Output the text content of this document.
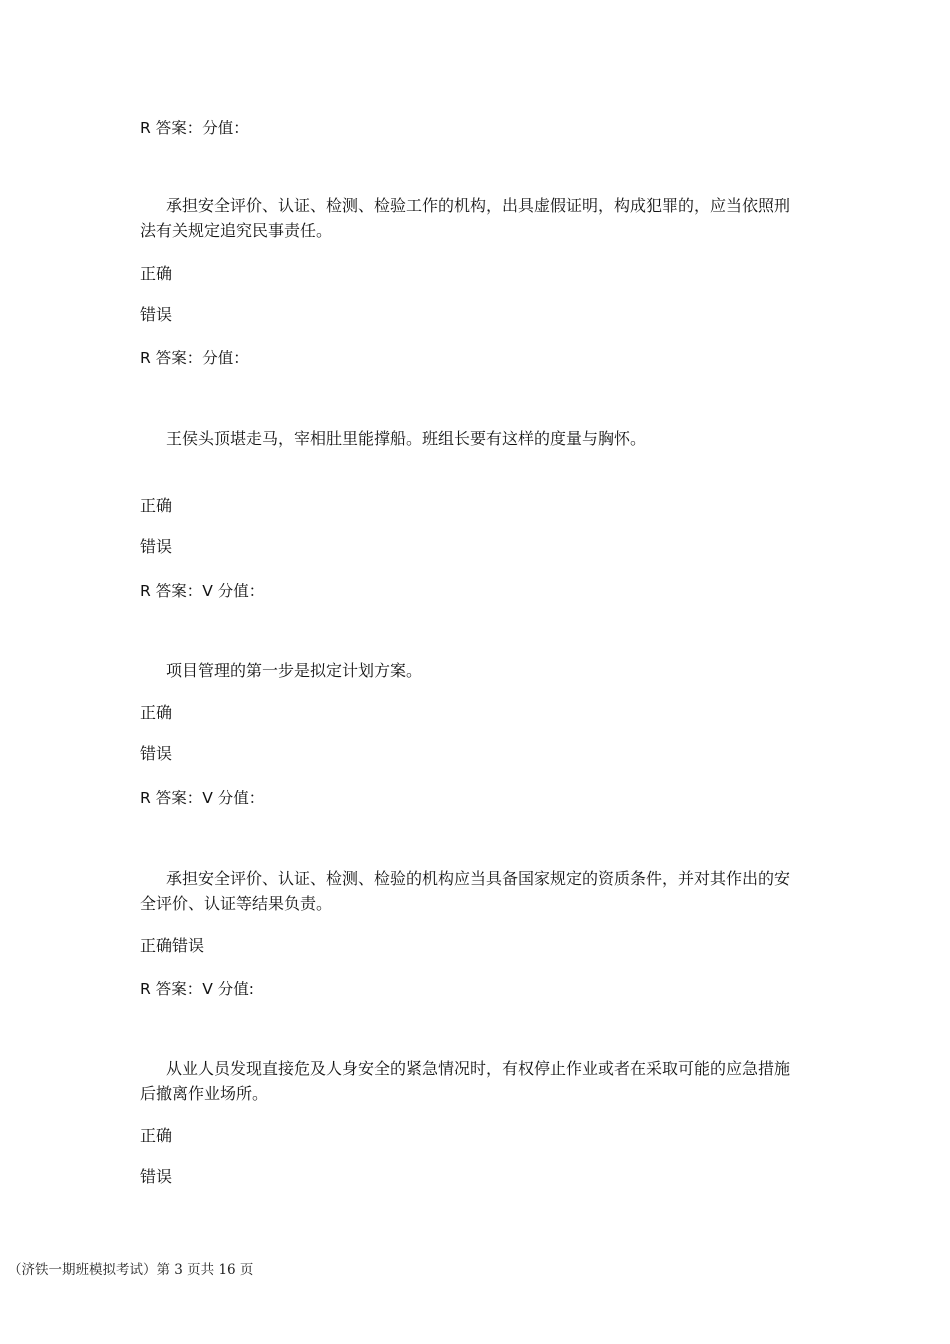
R 答案：分值：
承担安全评价、认证、检测、检验工作的机构，出具虚假证明，构成犯罪的，应当依照刑法有关规定追究民事责任。
正确
错误
R 答案：分值：
王侯头顶堪走马，宰相肚里能撑船。班组长要有这样的度量与胸怀。
正确
错误
R 答案：V 分值：
项目管理的第一步是拟定计划方案。
正确
错误
R 答案：V 分值：
承担安全评价、认证、检测、检验的机构应当具备国家规定的资质条件，并对其作出的安全评价、认证等结果负责。
正确错误
R 答案：V 分值:
从业人员发现直接危及人身安全的紧急情况时，有权停止作业或者在采取可能的应急措施后撤离作业场所。
正确
错误
（济铁一期班模拟考试）第 3 页共 16 页
